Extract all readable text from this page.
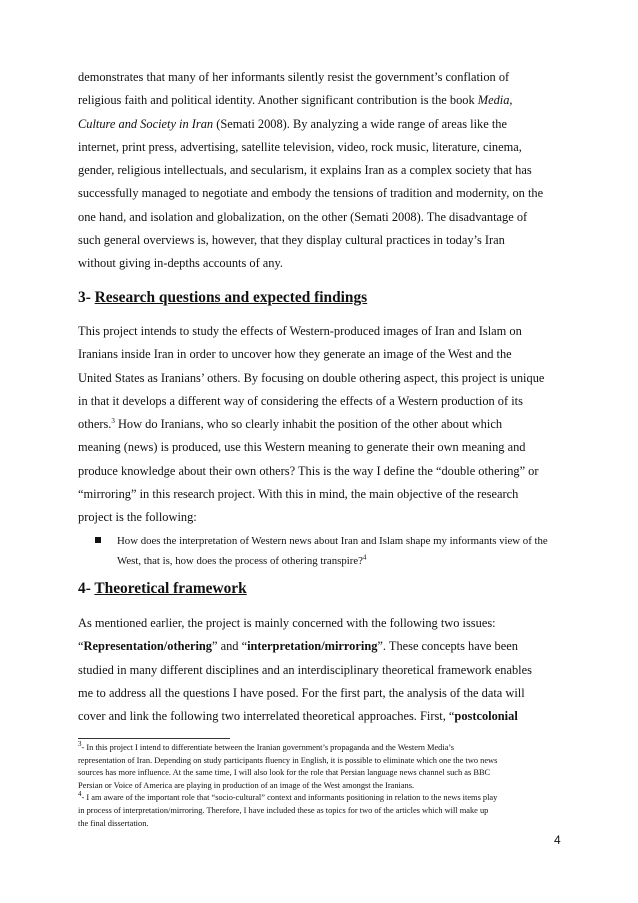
demonstrates that many of her informants silently resist the government’s conflation of

religious faith and political identity. Another significant contribution is the book Media,

Culture and Society in Iran (Semati 2008). By analyzing a wide range of areas like the

internet, print press, advertising, satellite television, video, rock music, literature, cinema,

gender, religious intellectuals, and secularism, it explains Iran as a complex society that has

successfully managed to negotiate and embody the tensions of tradition and modernity, on the

one hand, and isolation and globalization, on the other (Semati 2008). The disadvantage of

such general overviews is, however, that they display cultural practices in today’s Iran

without giving in-depths accounts of any.

3- Research questions and expected findings

This project intends to study the effects of Western-produced images of Iran and Islam on

Iranians inside Iran in order to uncover how they generate an image of the West and the

United States as Iranians’ others. By focusing on double othering aspect, this project is unique

in that it develops a different way of considering the effects of a Western production of its

others.$^3$ How do Iranians, who so clearly inhabit the position of the other about which

meaning (news) is produced, use this Western meaning to generate their own meaning and

produce knowledge about their own others? This is the way I define the “double othering” or

“mirroring” in this research project. With this in mind, the main objective of the research

project is the following:

How does the interpretation of Western news about Iran and Islam shape my informants view of the
West, that is, how does the process of othering transpire?$^4$
4- Theoretical framework

As mentioned earlier, the project is mainly concerned with the following two issues:

“Representation/othering” and “interpretation/mirroring”. These concepts have been

studied in many different disciplines and an interdisciplinary theoretical framework enables

me to address all the questions I have posed. For the first part, the analysis of the data will

cover and link the following two interrelated theoretical approaches. First, “postcolonial

$^3$- In this project I intend to differentiate between the Iranian government’s propaganda and the Western Media’s

representation of Iran. Depending on study participants fluency in English, it is possible to eliminate which one the two news

sources has more influence. At the same time, I will also look for the role that Persian language news channel such as BBC

Persian or Voice of America are playing in production of an image of the West amongst the Iranians.

$^4$- I am aware of the important role that “socio-cultural” context and informants positioning in relation to the news items play

in process of interpretation/mirroring. Therefore, I have included these as topics for two of the articles which will make up

the final dissertation.

4
